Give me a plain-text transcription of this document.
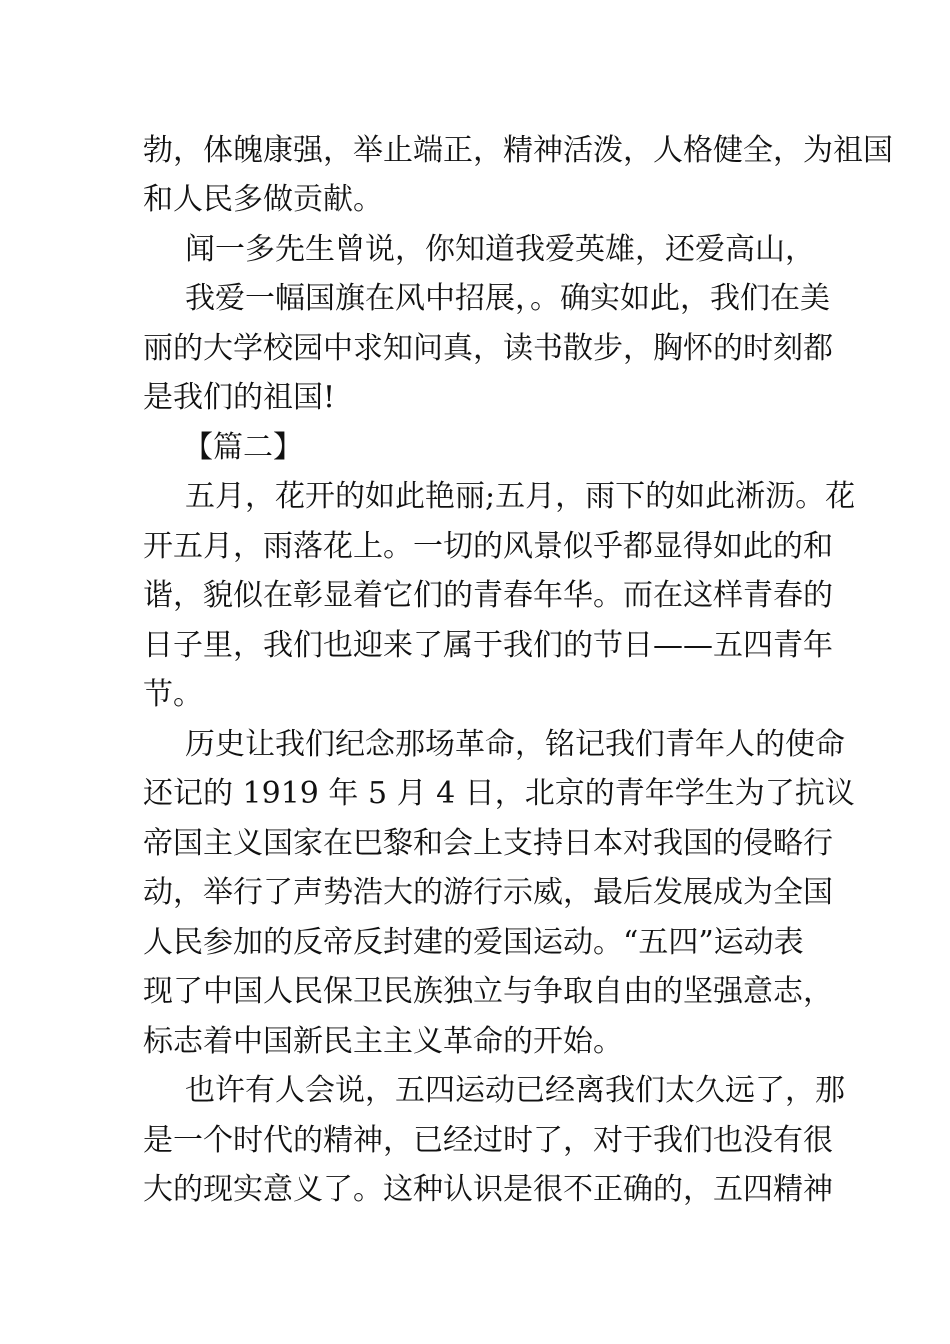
勃，体魄康强，举止端正，精神活泼，人格健全，为祖国
和人民多做贡献。
闻一多先生曾说，你知道我爱英雄，还爱高山，
我爱一幅国旗在风中招展，。确实如此，我们在美
丽的大学校园中求知问真，读书散步，胸怀的时刻都
是我们的祖国!
【篇二】
五月，花开的如此艳丽;五月，雨下的如此淅沥。花
开五月，雨落花上。一切的风景似乎都显得如此的和
谐，貌似在彰显着它们的青春年华。而在这样青春的
日子里，我们也迎来了属于我们的节日——五四青年
节。
历史让我们纪念那场革命，铭记我们青年人的使命
还记的 1919 年 5 月 4 日，北京的青年学生为了抗议
帝国主义国家在巴黎和会上支持日本对我国的侵略行
动，举行了声势浩大的游行示威，最后发展成为全国
人民参加的反帝反封建的爱国运动。“五四”运动表
现了中国人民保卫民族独立与争取自由的坚强意志，
标志着中国新民主主义革命的开始。
也许有人会说，五四运动已经离我们太久远了，那
是一个时代的精神，已经过时了，对于我们也没有很
大的现实意义了。这种认识是很不正确的，五四精神
